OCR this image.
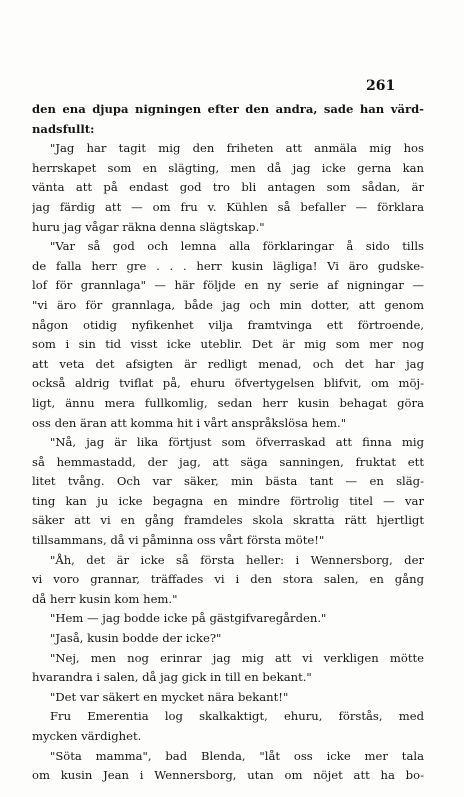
261
den ena djupa nigningen efter den andra, sade han värd-
nadsfullt:
"Jag har tagit mig den friheten att anmäla mig hos
herrskapet som en slägting, men då jag icke gerna kan
vänta att på endast god tro bli antagen som sådan, är
jag färdig att — om fru v. Kühlen så befaller — förklara
huru jag vågar räkna denna slägtskap."
"Var så god och lemna alla förklaringar å sido tills
de falla herr gre . . . herr kusin lägliga! Vi äro gudske-
lof för grannlaga" — här följde en ny serie af nigningar —
"vi äro för grannlaga, både jag och min dotter, att genom
någon otidig nyfikenhet vilja framtvinga ett förtroende,
som i sin tid visst icke uteblir. Det är mig som mer nog
att veta det afsigten är redligt menad, och det har jag
också aldrig tviflat på, ehuru öfvertygelsen blifvit, om möj-
ligt, ännu mera fullkomlig, sedan herr kusin behagat göra
oss den äran att komma hit i vårt anspråkslösa hem."
"Nå, jag är lika förtjust som öfverraskad att finna mig
så hemmastadd, der jag, att säga sanningen, fruktat ett
litet tvång. Och var säker, min bästa tant — en släg-
ting kan ju icke begagna en mindre förtrolig titel — var
säker att vi en gång framdeles skola skratta rätt hjertligt
tillsammans, då vi påminna oss vårt första möte!"
"Åh, det är icke så första heller: i Wennersborg, der
vi voro grannar, träffades vi i den stora salen, en gång
då herr kusin kom hem."
"Hem — jag bodde icke på gästgifvaregården."
"Jaså, kusin bodde der icke?"
"Nej, men nog erinrar jag mig att vi verkligen mötte
hvarandra i salen, då jag gick in till en bekant."
"Det var säkert en mycket nära bekant!"
Fru Emerentia log skalkaktigt, ehuru, förstås, med
mycken värdighet.
"Söta mamma", bad Blenda, "låt oss icke mer tala
om kusin Jean i Wennersborg, utan om nöjet att ha bo-
